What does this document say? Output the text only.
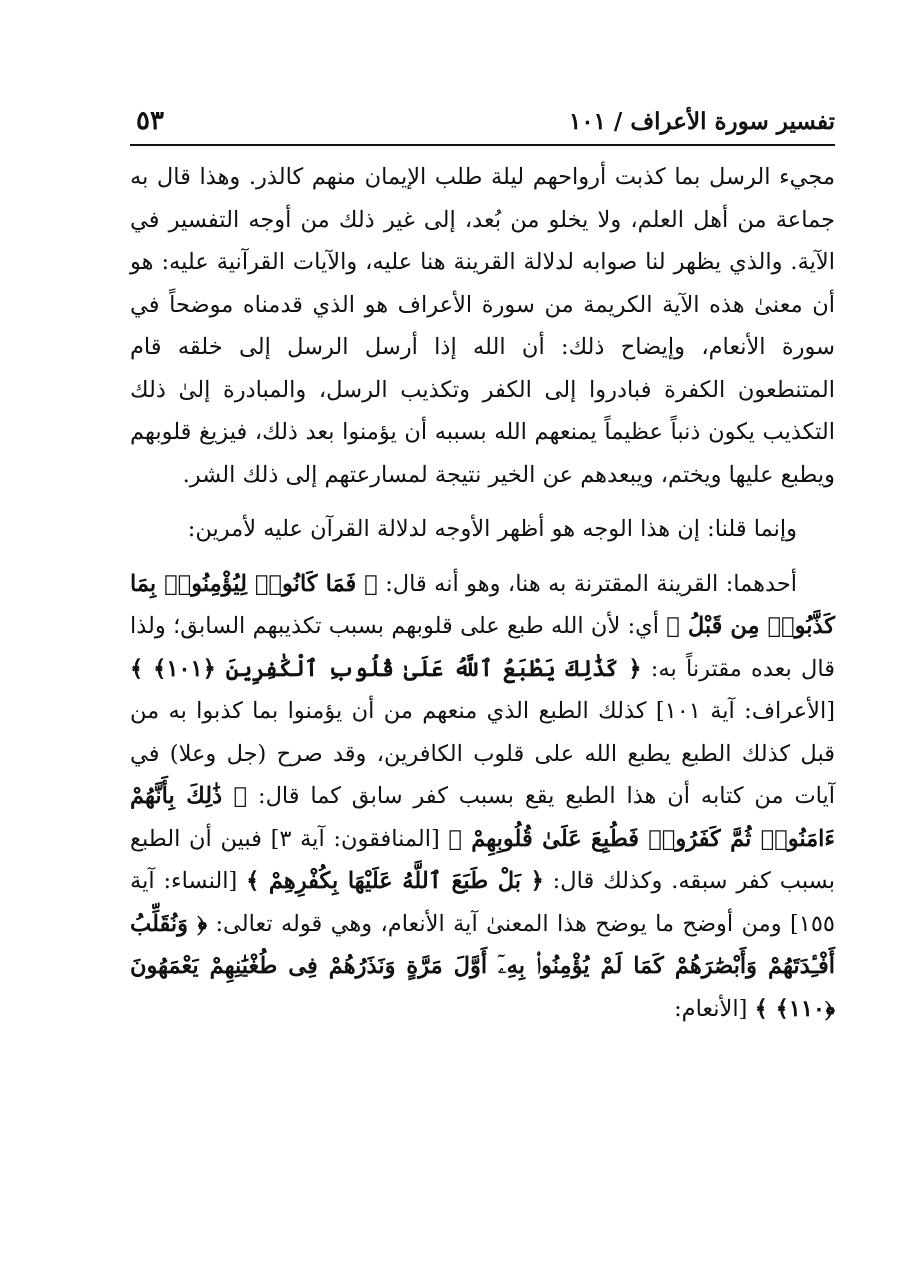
٥٣	تفسير سورة الأعراف / ١٠١

مجيء الرسل بما كذبت أرواحهم ليلة طلب الإيمان منهم كالذر. وهذا قال به جماعة من أهل العلم، ولا يخلو من بُعد، إلى غير ذلك من أوجه التفسير في الآية. والذي يظهر لنا صوابه لدلالة القرينة هنا عليه، والآيات القرآنية عليه: هو أن معنىٰ هذه الآية الكريمة من سورة الأعراف هو الذي قدمناه موضحاً في سورة الأنعام، وإيضاح ذلك: أن الله إذا أرسل الرسل إلى خلقه قام المتنطعون الكفرة فبادروا إلى الكفر وتكذيب الرسل، والمبادرة إلىٰ ذلك التكذيب يكون ذنباً عظيماً يمنعهم الله بسببه أن يؤمنوا بعد ذلك، فيزيغ قلوبهم ويطبع عليها ويختم، ويبعدهم عن الخير نتيجة لمسارعتهم إلى ذلك الشر.

وإنما قلنا: إن هذا الوجه هو أظهر الأوجه لدلالة القرآن عليه لأمرين:

أحدهما: القرينة المقترنة به هنا، وهو أنه قال: ﴿ فَمَا كَانُوا۟ لِيُؤْمِنُوا۟ بِمَا كَذَّبُوا۟ مِن قَبْلُ ﴾ أي: لأن الله طبع على قلوبهم بسبب تكذيبهم السابق؛ ولذا قال بعده مقترناً به: ﴿ كَذَٰلِكَ يَطْبَعُ ٱللَّهُ عَلَىٰ قُلُوبِ ٱلْكَٰفِرِينَ ﴿١٠١﴾ ﴾ [الأعراف: آية ١٠١] كذلك الطبع الذي منعهم من أن يؤمنوا بما كذبوا به من قبل كذلك الطبع يطبع الله على قلوب الكافرين، وقد صرح (جل وعلا) في آيات من كتابه أن هذا الطبع يقع بسبب كفر سابق كما قال: ﴿ ذَٰلِكَ بِأَنَّهُمْ ءَامَنُوا۟ ثُمَّ كَفَرُوا۟ فَطُبِعَ عَلَىٰ قُلُوبِهِمْ ﴾ [المنافقون: آية ٣] فبين أن الطبع بسبب كفر سبقه. وكذلك قال: ﴿ بَلْ طَبَعَ ٱللَّهُ عَلَيْهَا بِكُفْرِهِمْ ﴾ [النساء: آية ١٥٥] ومن أوضح ما يوضح هذا المعنىٰ آية الأنعام، وهي قوله تعالى: ﴿ وَنُقَلِّبُ أَفْـِٔدَتَهُمْ وَأَبْصَٰرَهُمْ كَمَا لَمْ يُؤْمِنُوا۟ بِهِۦٓ أَوَّلَ مَرَّةٍ وَنَذَرُهُمْ فِى طُغْيَٰنِهِمْ يَعْمَهُونَ ﴿١١٠﴾ ﴾ [الأنعام:
